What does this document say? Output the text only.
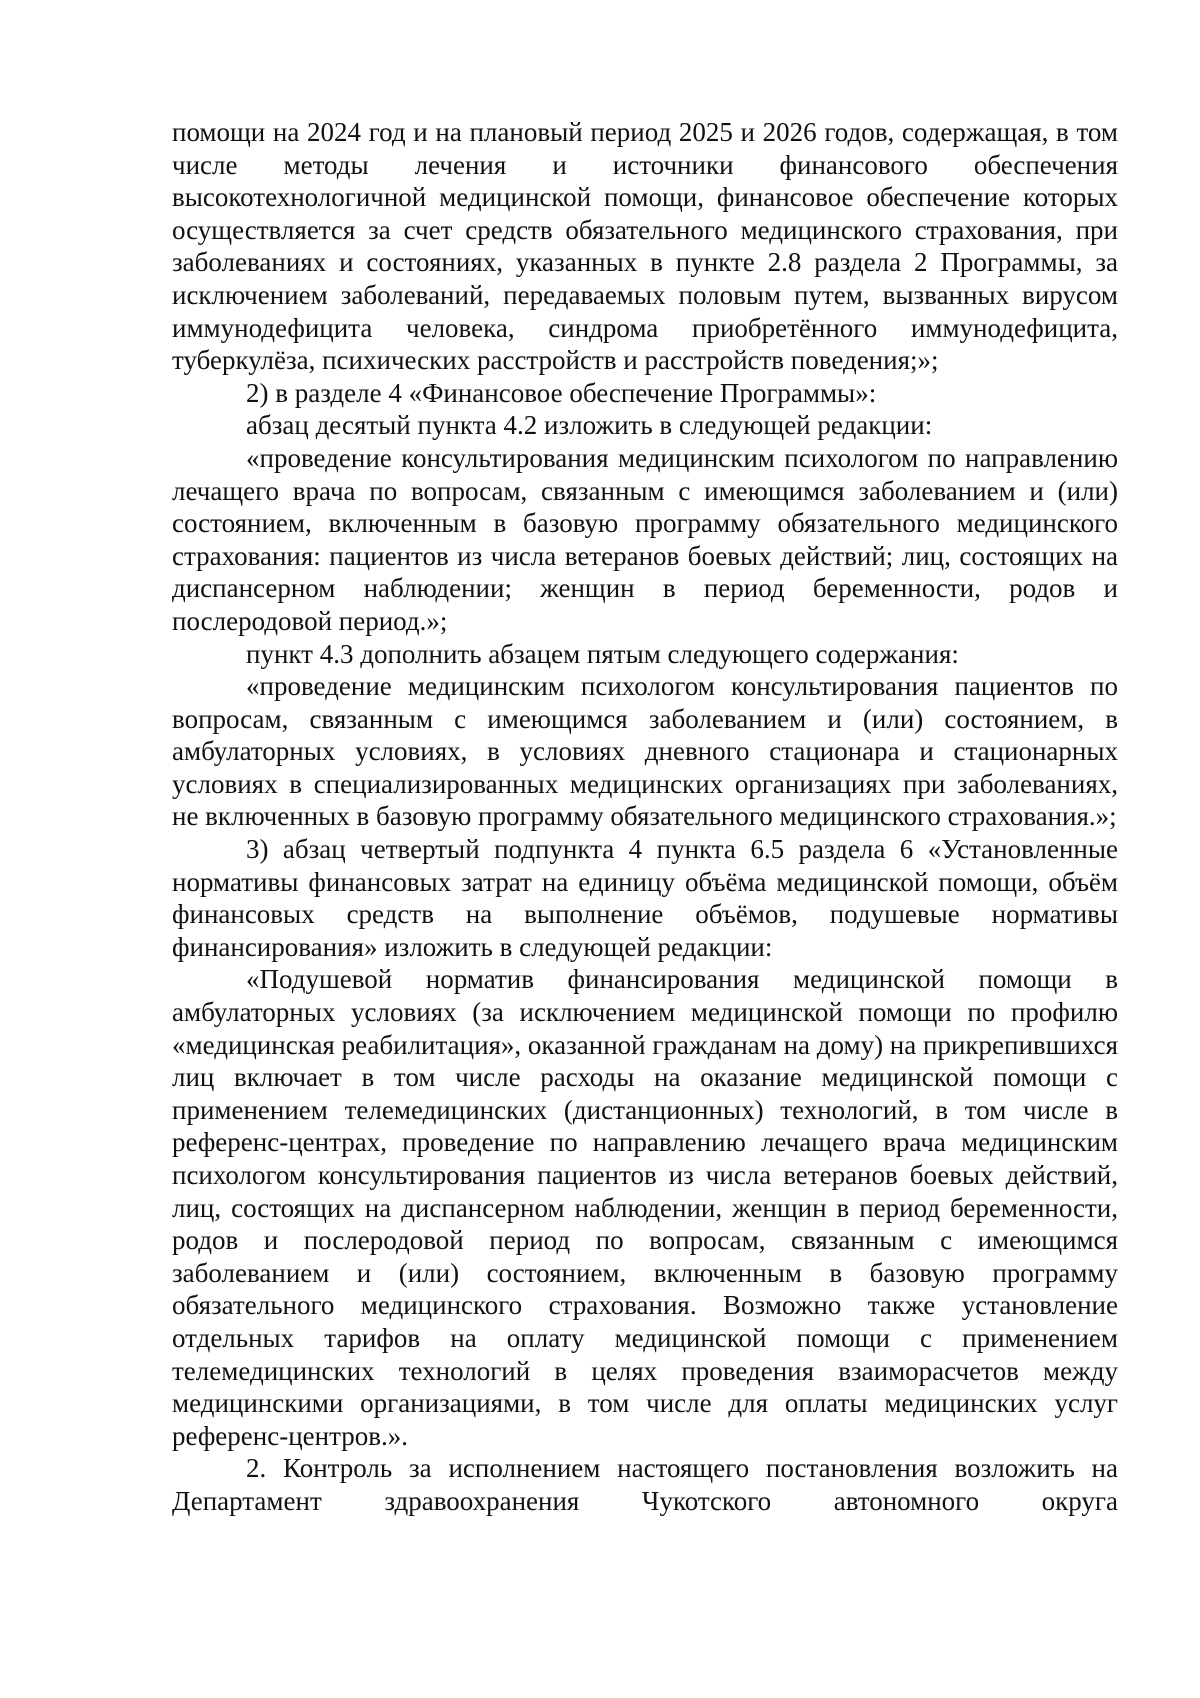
помощи на 2024 год и на плановый период 2025 и 2026 годов, содержащая, в том числе методы лечения и источники финансового обеспечения высокотехнологичной медицинской помощи, финансовое обеспечение которых осуществляется за счет средств обязательного медицинского страхования, при заболеваниях и состояниях, указанных в пункте 2.8 раздела 2 Программы, за исключением заболеваний, передаваемых половым путем, вызванных вирусом иммунодефицита человека, синдрома приобретённого иммунодефицита, туберкулёза, психических расстройств и расстройств поведения;»;

2) в разделе 4 «Финансовое обеспечение Программы»:

абзац десятый пункта 4.2 изложить в следующей редакции:

«проведение консультирования медицинским психологом по направлению лечащего врача по вопросам, связанным с имеющимся заболеванием и (или) состоянием, включенным в базовую программу обязательного медицинского страхования: пациентов из числа ветеранов боевых действий; лиц, состоящих на диспансерном наблюдении; женщин в период беременности, родов и послеродовой период.»;

пункт 4.3 дополнить абзацем пятым следующего содержания:

«проведение медицинским психологом консультирования пациентов по вопросам, связанным с имеющимся заболеванием и (или) состоянием, в амбулаторных условиях, в условиях дневного стационара и стационарных условиях в специализированных медицинских организациях при заболеваниях, не включенных в базовую программу обязательного медицинского страхования.»;

3) абзац четвертый подпункта 4 пункта 6.5 раздела 6 «Установленные нормативы финансовых затрат на единицу объёма медицинской помощи, объём финансовых средств на выполнение объёмов, подушевые нормативы финансирования» изложить в следующей редакции:

«Подушевой норматив финансирования медицинской помощи в амбулаторных условиях (за исключением медицинской помощи по профилю «медицинская реабилитация», оказанной гражданам на дому) на прикрепившихся лиц включает в том числе расходы на оказание медицинской помощи с применением телемедицинских (дистанционных) технологий, в том числе в референс-центрах, проведение по направлению лечащего врача медицинским психологом консультирования пациентов из числа ветеранов боевых действий, лиц, состоящих на диспансерном наблюдении, женщин в период беременности, родов и послеродовой период по вопросам, связанным с имеющимся заболеванием и (или) состоянием, включенным в базовую программу обязательного медицинского страхования. Возможно также установление отдельных тарифов на оплату медицинской помощи с применением телемедицинских технологий в целях проведения взаиморасчетов между медицинскими организациями, в том числе для оплаты медицинских услуг референс-центров.».

2. Контроль за исполнением настоящего постановления возложить на Департамент здравоохранения Чукотского автономного округа
